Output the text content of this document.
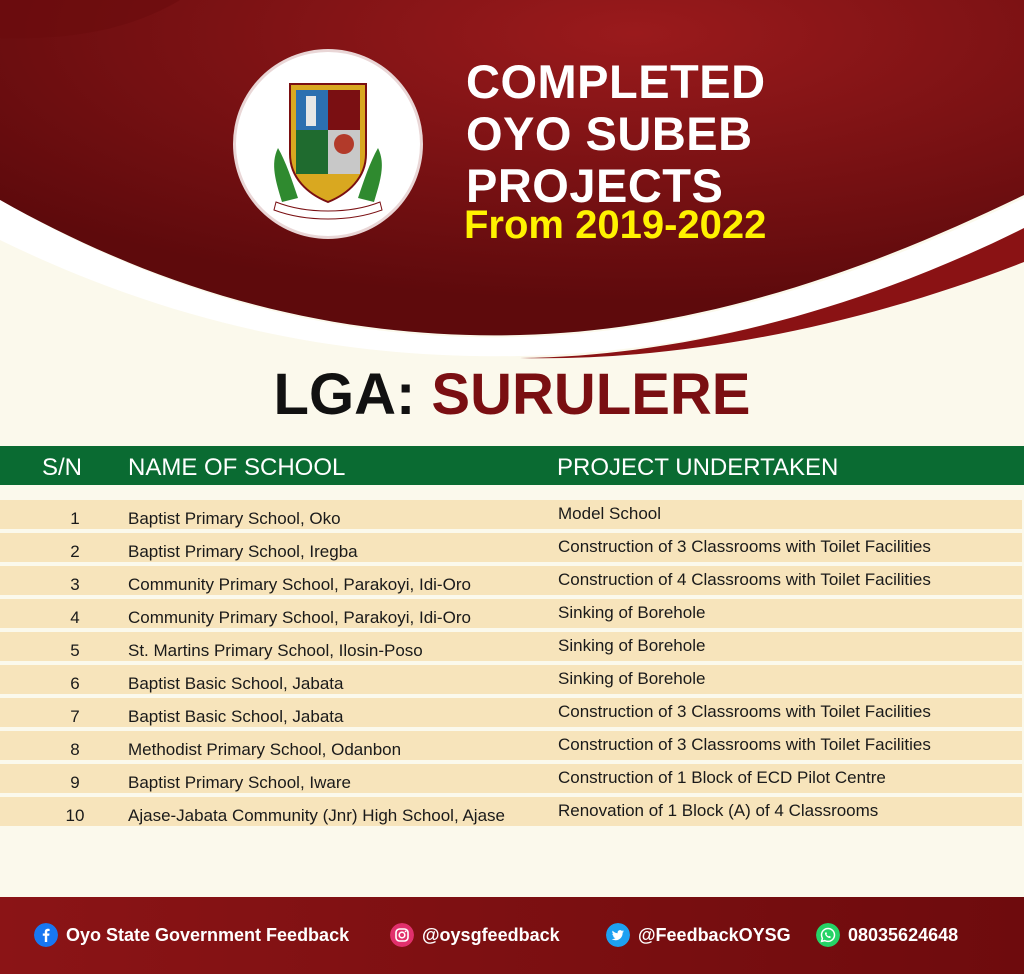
COMPLETED
OYO SUBEB
PROJECTS
From 2019-2022
LGA: SURULERE
S/N NAME OF SCHOOL	PROJECT UNDERTAKEN
1	Baptist Primary School, Oko	Model School
2	Baptist Primary School, Iregba	Construction of 3 Classrooms with Toilet Facilities
3	Community Primary School, Parakoyi, Idi-Oro	Construction of 4 Classrooms with Toilet Facilities
4	Community Primary School, Parakoyi, Idi-Oro	Sinking of Borehole
5	St. Martins Primary School, Ilosin-Poso	Sinking of Borehole
6	Baptist Basic School, Jabata	Sinking of Borehole
7	Baptist Basic School, Jabata	Construction of 3 Classrooms with Toilet Facilities
8	Methodist Primary School, Odanbon	Construction of 3 Classrooms with Toilet Facilities
9	Baptist Primary School, Iware	Construction of 1 Block of ECD Pilot Centre
10	Ajase-Jabata Community (Jnr) High School, Ajase	Renovation of 1 Block (A) of 4 Classrooms
Oyo State Government Feedback	@oysgfeedback	@FeedbackOYSG	08035624648
